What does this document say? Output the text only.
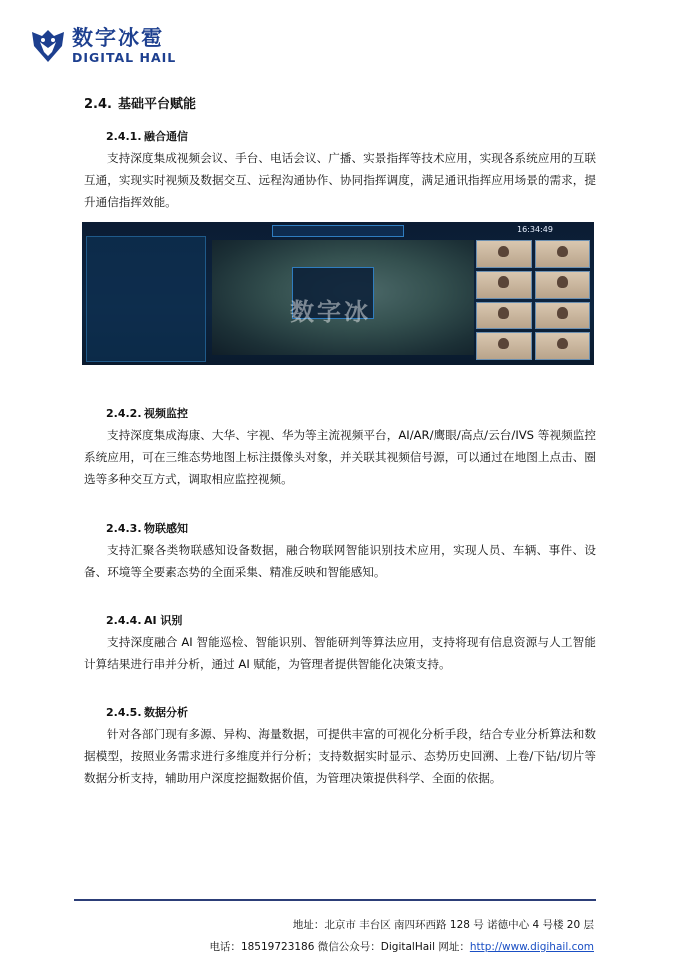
数字冰雹
DIGITAL HAIL
2.4. 基础平台赋能
2.4.1. 融合通信

支持深度集成视频会议、手台、电话会议、广播、实景指挥等技术应用，实现各系统应用的互联互通，实现实时视频及数据交互、远程沟通协作、协同指挥调度，满足通讯指挥应用场景的需求，提升通信指挥效能。

16:34:49
数字冰
2.4.2. 视频监控

支持深度集成海康、大华、宇视、华为等主流视频平台，AI/AR/鹰眼/高点/云台/IVS 等视频监控系统应用，可在三维态势地图上标注摄像头对象，并关联其视频信号源，可以通过在地图上点击、圈选等多种交互方式，调取相应监控视频。

2.4.3. 物联感知

支持汇聚各类物联感知设备数据，融合物联网智能识别技术应用，实现人员、车辆、事件、设备、环境等全要素态势的全面采集、精准反映和智能感知。

2.4.4. AI 识别

支持深度融合 AI 智能巡检、智能识别、智能研判等算法应用，支持将现有信息资源与人工智能计算结果进行串并分析，通过 AI 赋能，为管理者提供智能化决策支持。

2.4.5. 数据分析

针对各部门现有多源、异构、海量数据，可提供丰富的可视化分析手段，结合专业分析算法和数据模型，按照业务需求进行多维度并行分析；支持数据实时显示、态势历史回溯、上卷/下钻/切片等数据分析支持，辅助用户深度挖掘数据价值，为管理决策提供科学、全面的依据。

地址：北京市 丰台区 南四环西路 128 号 诺德中心 4 号楼 20 层
电话：18519723186 微信公众号：DigitalHail 网址：http://www.digihail.com
